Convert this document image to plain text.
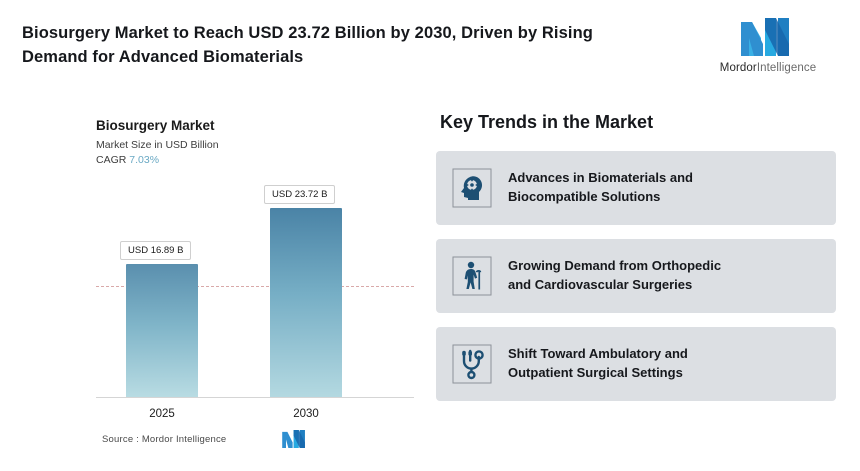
Biosurgery Market to Reach USD 23.72 Billion by 2030, Driven by Rising Demand for Advanced Biomaterials
MordorIntelligence
Biosurgery Market
Market Size in USD Billion

CAGR 7.03%

USD 16.89 B
USD 23.72 B
2025	2030
Source : Mordor Intelligence
Key Trends in the Market
Advances in Biomaterials and
Biocompatible Solutions
Growing Demand from Orthopedic
and Cardiovascular Surgeries
Shift Toward Ambulatory and
Outpatient Surgical Settings
